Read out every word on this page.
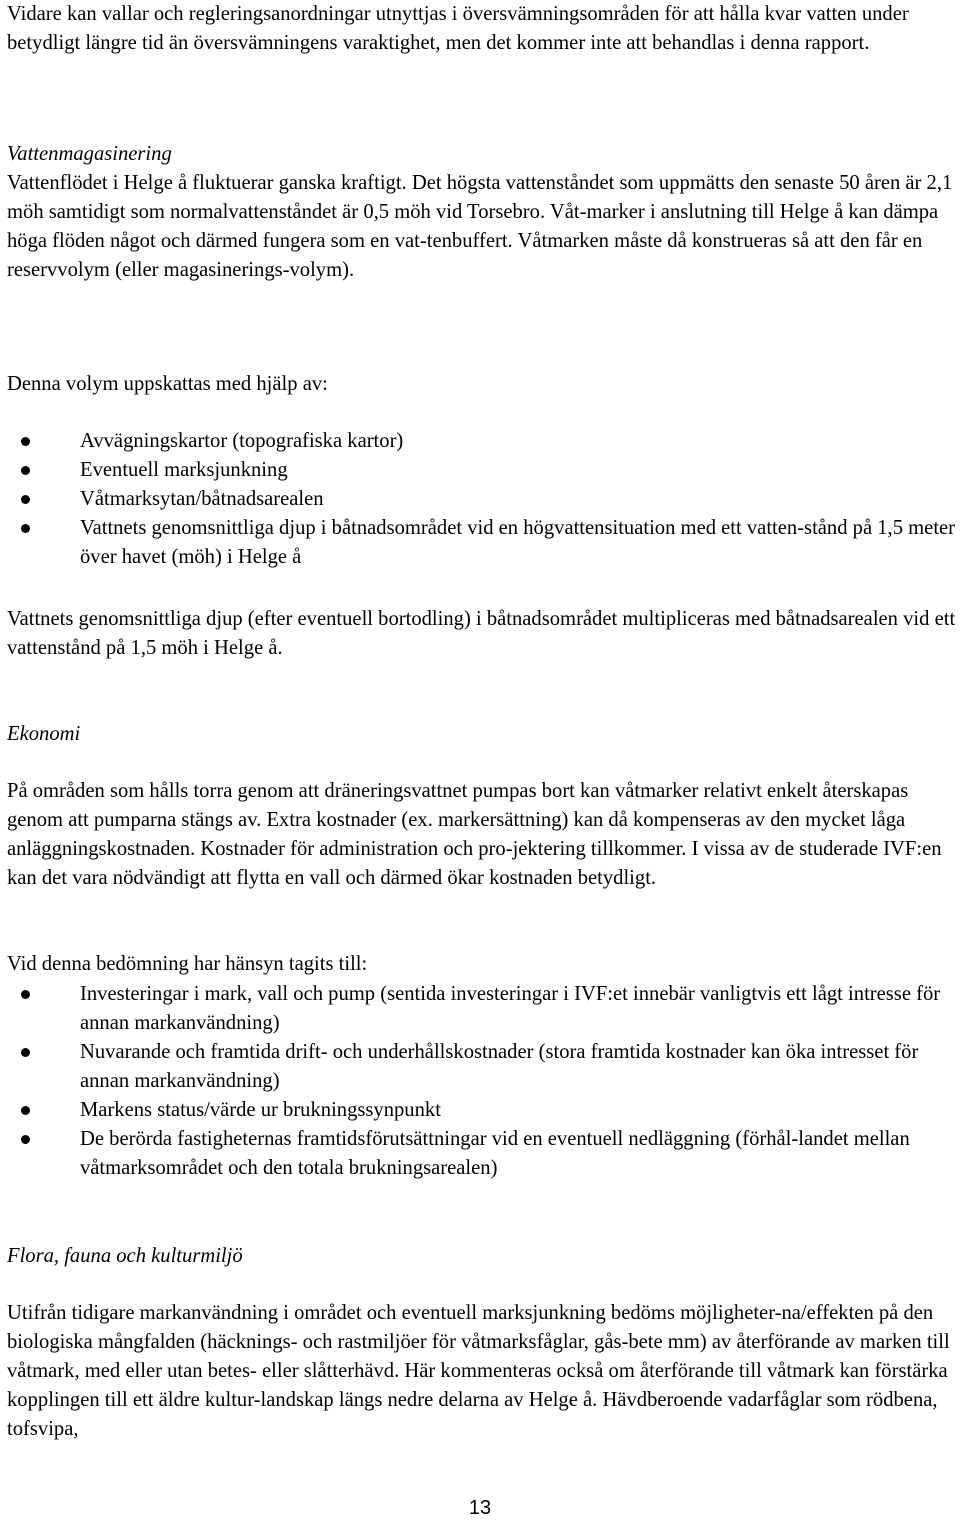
Vidare kan vallar och regleringsanordningar utnyttjas i översvämningsområden för att hålla kvar vatten under betydligt längre tid än översvämningens varaktighet, men det kommer inte att behandlas i denna rapport.

Vattenmagasinering

Vattenflödet i Helge å fluktuerar ganska kraftigt. Det högsta vattenståndet som uppmätts den senaste 50 åren är 2,1 möh samtidigt som normalvattenståndet är 0,5 möh vid Torsebro. Våt-marker i anslutning till Helge å kan dämpa höga flöden något och därmed fungera som en vat-tenbuffert. Våtmarken måste då konstrueras så att den får en reservvolym (eller magasinerings-volym).

Denna volym uppskattas med hjälp av:

Avvägningskartor (topografiska kartor)
Eventuell marksjunkning
Våtmarksytan/båtnadsarealen
Vattnets genomsnittliga djup i båtnadsområdet vid en högvattensituation med ett vatten-stånd på 1,5 meter över havet (möh) i Helge å

Vattnets genomsnittliga djup (efter eventuell bortodling) i båtnadsområdet multipliceras med båtnadsarealen vid ett vattenstånd på 1,5 möh i Helge å.

Ekonomi

På områden som hålls torra genom att dräneringsvattnet pumpas bort kan våtmarker relativt enkelt återskapas genom att pumparna stängs av. Extra kostnader (ex. markersättning) kan då kompenseras av den mycket låga anläggningskostnaden. Kostnader för administration och pro-jektering tillkommer. I vissa av de studerade IVF:en kan det vara nödvändigt att flytta en vall och därmed ökar kostnaden betydligt.

Vid denna bedömning har hänsyn tagits till:

Investeringar i mark, vall och pump (sentida investeringar i IVF:et innebär vanligtvis ett lågt intresse för annan markanvändning)
Nuvarande och framtida drift- och underhållskostnader (stora framtida kostnader kan öka intresset för annan markanvändning)
Markens status/värde ur brukningssynpunkt
De berörda fastigheternas framtidsförutsättningar vid en eventuell nedläggning (förhål-landet mellan våtmarksområdet och den totala brukningsarealen)

Flora, fauna och kulturmiljö

Utifrån tidigare markanvändning i området och eventuell marksjunkning bedöms möjligheter-na/effekten på den biologiska mångfalden (häcknings- och rastmiljöer för våtmarksfåglar, gås-bete mm) av återförande av marken till våtmark, med eller utan betes- eller slåtterhävd. Här kommenteras också om återförande till våtmark kan förstärka kopplingen till ett äldre kultur-landskap längs nedre delarna av Helge å. Hävdberoende vadarfåglar som rödbena, tofsvipa,

13
